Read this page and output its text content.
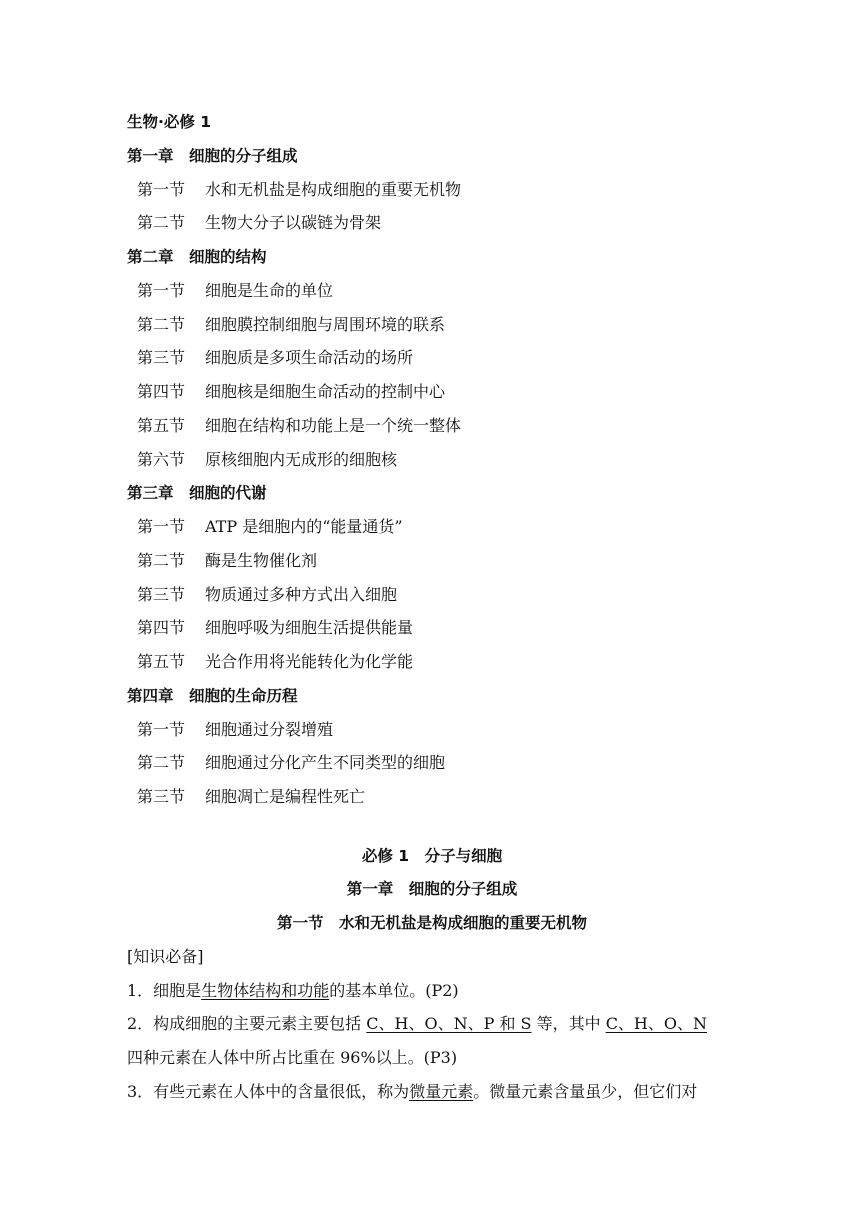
生物·必修 1
第一章　细胞的分子组成
第一节 水和无机盐是构成细胞的重要无机物
第二节 生物大分子以碳链为骨架
第二章　细胞的结构
第一节 细胞是生命的单位
第二节 细胞膜控制细胞与周围环境的联系
第三节 细胞质是多项生命活动的场所
第四节 细胞核是细胞生命活动的控制中心
第五节 细胞在结构和功能上是一个统一整体
第六节 原核细胞内无成形的细胞核
第三章　细胞的代谢
第一节 ATP 是细胞内的“能量通货”
第二节 酶是生物催化剂
第三节 物质通过多种方式出入细胞
第四节 细胞呼吸为细胞生活提供能量
第五节 光合作用将光能转化为化学能
第四章　细胞的生命历程
第一节 细胞通过分裂增殖
第二节 细胞通过分化产生不同类型的细胞
第三节 细胞凋亡是编程性死亡
必修 1　分子与细胞
第一章　细胞的分子组成
第一节　水和无机盐是构成细胞的重要无机物
[知识必备]
1．细胞是生物体结构和功能的基本单位。(P2)
2．构成细胞的主要元素主要包括 C、H、O、N、P 和 S 等，其中 C、H、O、N
四种元素在人体中所占比重在 96%以上。(P3)
3．有些元素在人体中的含量很低，称为微量元素。微量元素含量虽少，但它们对
